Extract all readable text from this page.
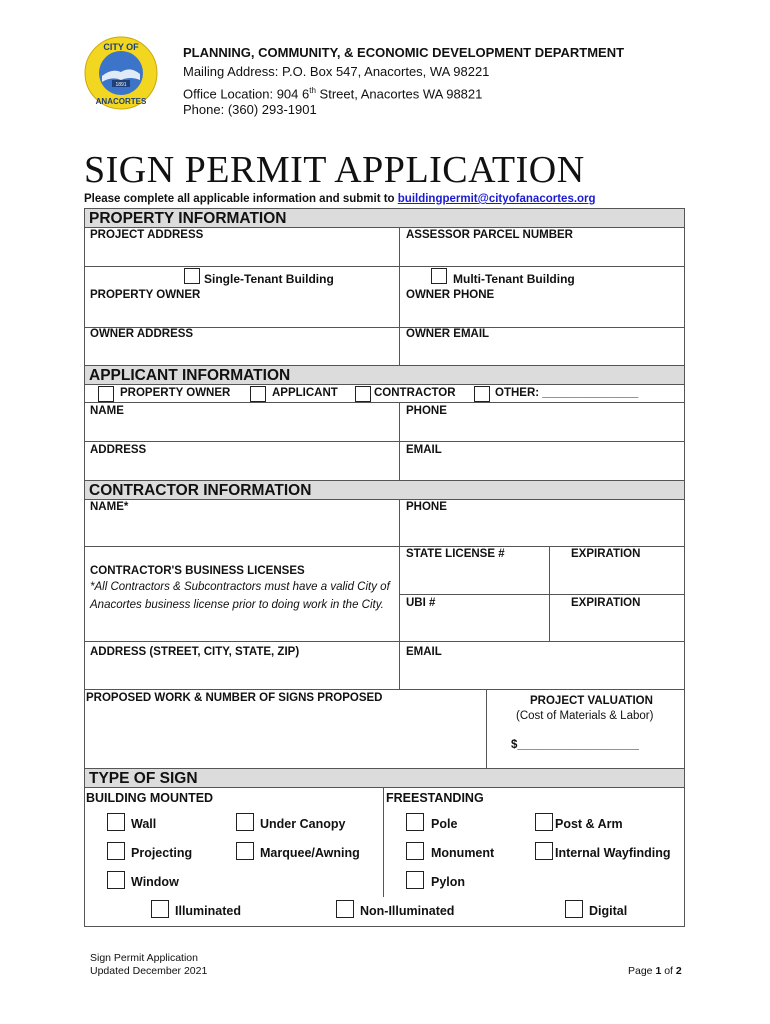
1891
CITY OF
ANACORTES
PLANNING, COMMUNITY, & ECONOMIC DEVELOPMENT DEPARTMENT
Mailing Address: P.O. Box 547, Anacortes, WA 98221
Office Location: 904 6th Street, Anacortes WA 98821
Phone: (360) 293-1901
SIGN PERMIT APPLICATION
Please complete all applicable information and submit to buildingpermit@cityofanacortes.org
PROPERTY INFORMATION
PROJECT ADDRESS	ASSESSOR PARCEL NUMBER
Single-Tenant Building	Multi-Tenant Building
PROPERTY OWNER	OWNER PHONE
OWNER ADDRESS	OWNER EMAIL
APPLICANT INFORMATION
PROPERTY OWNER	APPLICANT	CONTRACTOR	OTHER: _______________
NAME	PHONE
ADDRESS	EMAIL
CONTRACTOR INFORMATION
NAME*	PHONE
CONTRACTOR'S BUSINESS LICENSES
*All Contractors & Subcontractors must have a valid City of Anacortes business license prior to doing work in the City.
STATE LICENSE #	EXPIRATION
UBI #	EXPIRATION
ADDRESS (STREET, CITY, STATE, ZIP)	EMAIL
PROPOSED WORK & NUMBER OF SIGNS PROPOSED	PROJECT VALUATION
(Cost of Materials & Labor)
$___________________
TYPE OF SIGN
BUILDING MOUNTED	FREESTANDING
Wall	Under Canopy	Pole	Post & Arm
Projecting	Marquee/Awning	Monument	Internal Wayfinding
Window	Pylon
Illuminated	Non-Illuminated	Digital
Sign Permit Application
Updated December 2021	Page 1 of 2
